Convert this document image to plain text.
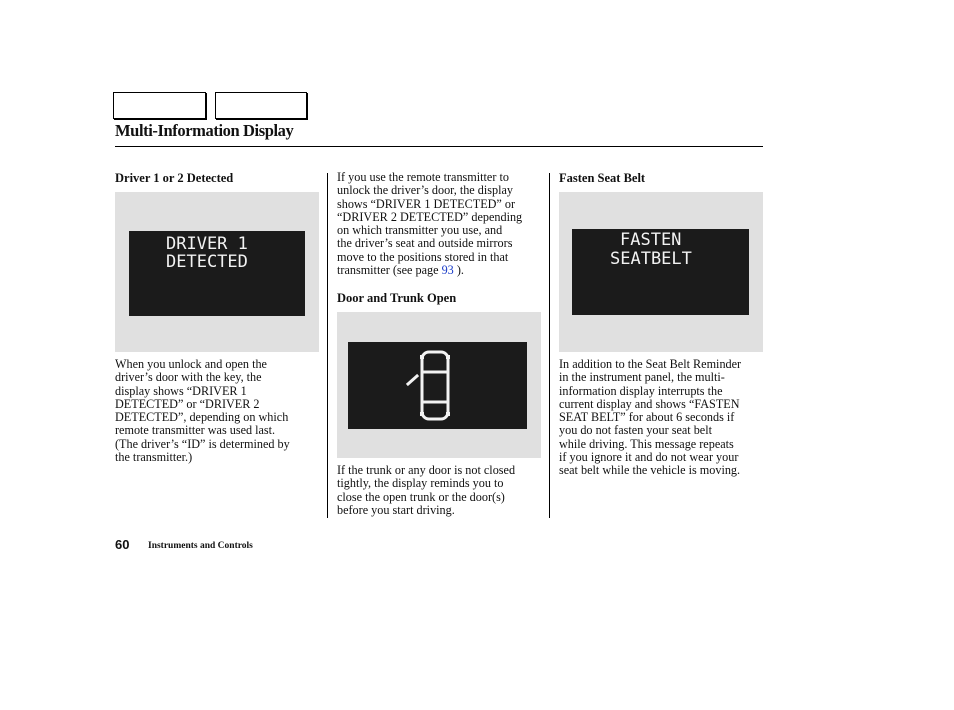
Multi-Information Display
Driver 1 or 2 Detected
DRIVER 1
DETECTED
When you unlock and open the
driver’s door with the key, the
display shows “DRIVER 1
DETECTED” or “DRIVER 2
DETECTED”, depending on which
remote transmitter was used last.
(The driver’s “ID” is determined by
the transmitter.)
If you use the remote transmitter to
unlock the driver’s door, the display
shows “DRIVER 1 DETECTED” or
“DRIVER 2 DETECTED” depending
on which transmitter you use, and
the driver’s seat and outside mirrors
move to the positions stored in that
transmitter (see page 93 ).
Door and Trunk Open
If the trunk or any door is not closed
tightly, the display reminds you to
close the open trunk or the door(s)
before you start driving.
Fasten Seat Belt
FASTEN
SEATBELT
In addition to the Seat Belt Reminder
in the instrument panel, the multi-
information display interrupts the
current display and shows “FASTEN
SEAT BELT” for about 6 seconds if
you do not fasten your seat belt
while driving. This message repeats
if you ignore it and do not wear your
seat belt while the vehicle is moving.
60 Instruments and Controls
